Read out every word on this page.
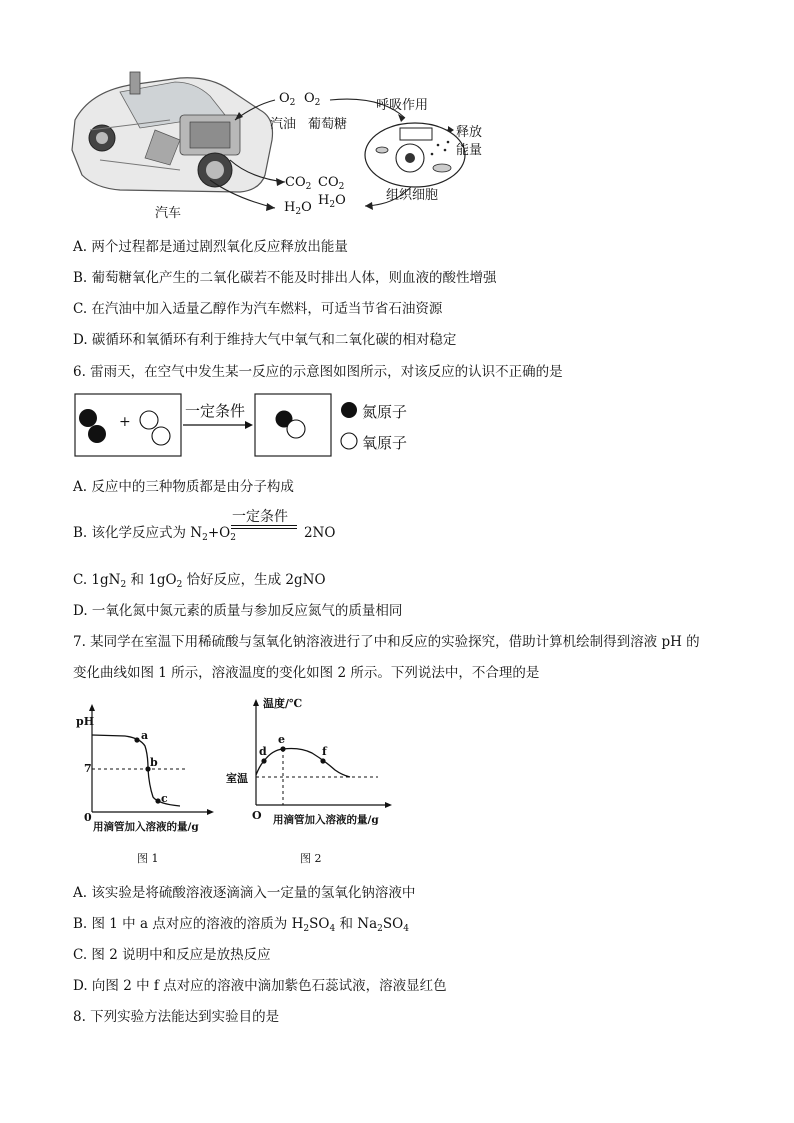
$O_2$ $O_2$
汽油 葡萄糖
呼吸作用
释放
能量
$CO_2$ $CO_2$
组织细胞
$H_2O$ $H_2O$
汽车
A. 两个过程都是通过剧烈氧化反应释放出能量
B. 葡萄糖氧化产生的二氧化碳若不能及时排出人体，则血液的酸性增强
C. 在汽油中加入适量乙醇作为汽车燃料，可适当节省石油资源
D. 碳循环和氧循环有利于维持大气中氧气和二氧化碳的相对稳定
6. 雷雨天，在空气中发生某一反应的示意图如图所示，对该反应的认识不正确的是
+
一定条件	氮原子
氧原子
A. 反应中的三种物质都是由分子构成
一定条件
B. 该化学反应式为 $N_2+O_2$	2NO
C. $1gN_2$ 和 $1gO_2$ 恰好反应，生成 2gNO
D. 一氧化氮中氮元素的质量与参加反应氮气的质量相同
7. 某同学在室温下用稀硫酸与氢氧化钠溶液进行了中和反应的实验探究，借助计算机绘制得到溶液 pH 的
变化曲线如图 1 所示，溶液温度的变化如图 2 所示。下列说法中，不合理的是
pH
7
0
a
b
c
用滴管加入溶液的量/g
图 1
温度/℃
d
e
f
室温
O 用滴管加入溶液的量/g
图 2
A. 该实验是将硫酸溶液逐滴滴入一定量的氢氧化钠溶液中
B. 图 1 中 a 点对应的溶液的溶质为 $H_2SO_4$ 和 $Na_2SO_4$
C. 图 2 说明中和反应是放热反应
D. 向图 2 中 f 点对应的溶液中滴加紫色石蕊试液，溶液显红色
8. 下列实验方法能达到实验目的是
